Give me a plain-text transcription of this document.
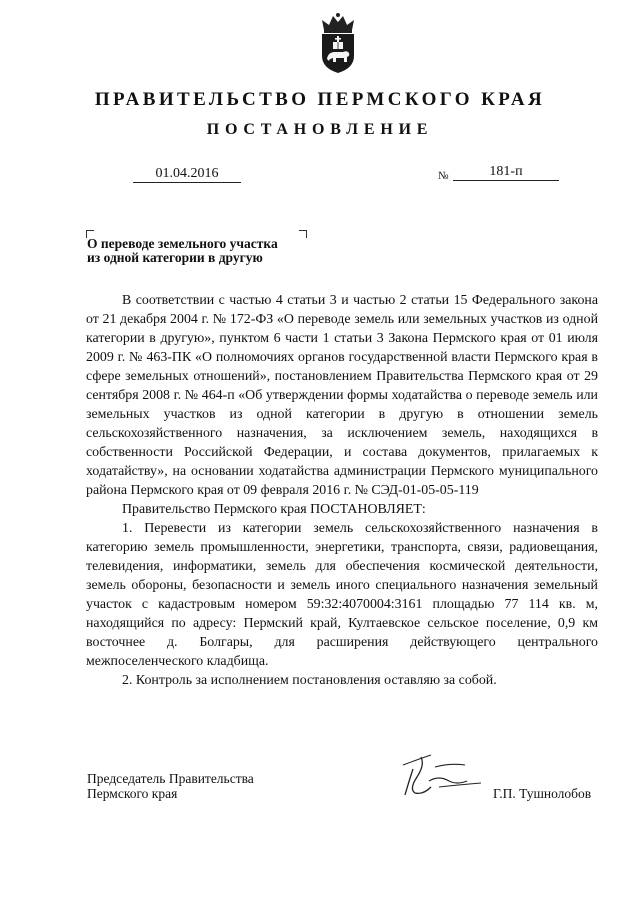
ПРАВИТЕЛЬСТВО ПЕРМСКОГО КРАЯ
ПОСТАНОВЛЕНИЕ
01.04.2016	№	181-п
О переводе земельного участка
из одной категории в другую

В соответствии с частью 4 статьи 3 и частью 2 статьи 15 Федерального закона от 21 декабря 2004 г. № 172-ФЗ «О переводе земель или земельных участков из одной категории в другую», пунктом 6 части 1 статьи 3 Закона Пермского края от 01 июля 2009 г. № 463-ПК «О полномочиях органов государственной власти Пермского края в сфере земельных отношений», постановлением Правительства Пермского края от 29 сентября 2008 г. № 464-п «Об утверждении формы ходатайства о переводе земель или земельных участков из одной категории в другую в отношении земель сельскохозяйственного назначения, за исключением земель, находящихся в собственности Российской Федерации, и состава документов, прилагаемых к ходатайству», на основании ходатайства администрации Пермского муниципального района Пермского края от 09 февраля 2016 г. № СЭД-01-05-05-119

Правительство Пермского края ПОСТАНОВЛЯЕТ:

1. Перевести из категории земель сельскохозяйственного назначения в категорию земель промышленности, энергетики, транспорта, связи, радиовещания, телевидения, информатики, земель для обеспечения космической деятельности, земель обороны, безопасности и земель иного специального назначения земельный участок с кадастровым номером 59:32:4070004:3161 площадью 77 114 кв. м, находящийся по адресу: Пермский край, Култаевское сельское поселение, 0,9 км восточнее д. Болгары, для расширения действующего центрального межпоселенческого кладбища.

2. Контроль за исполнением постановления оставляю за собой.

Председатель Правительства
Пермского края	Г.П. Тушнолобов
